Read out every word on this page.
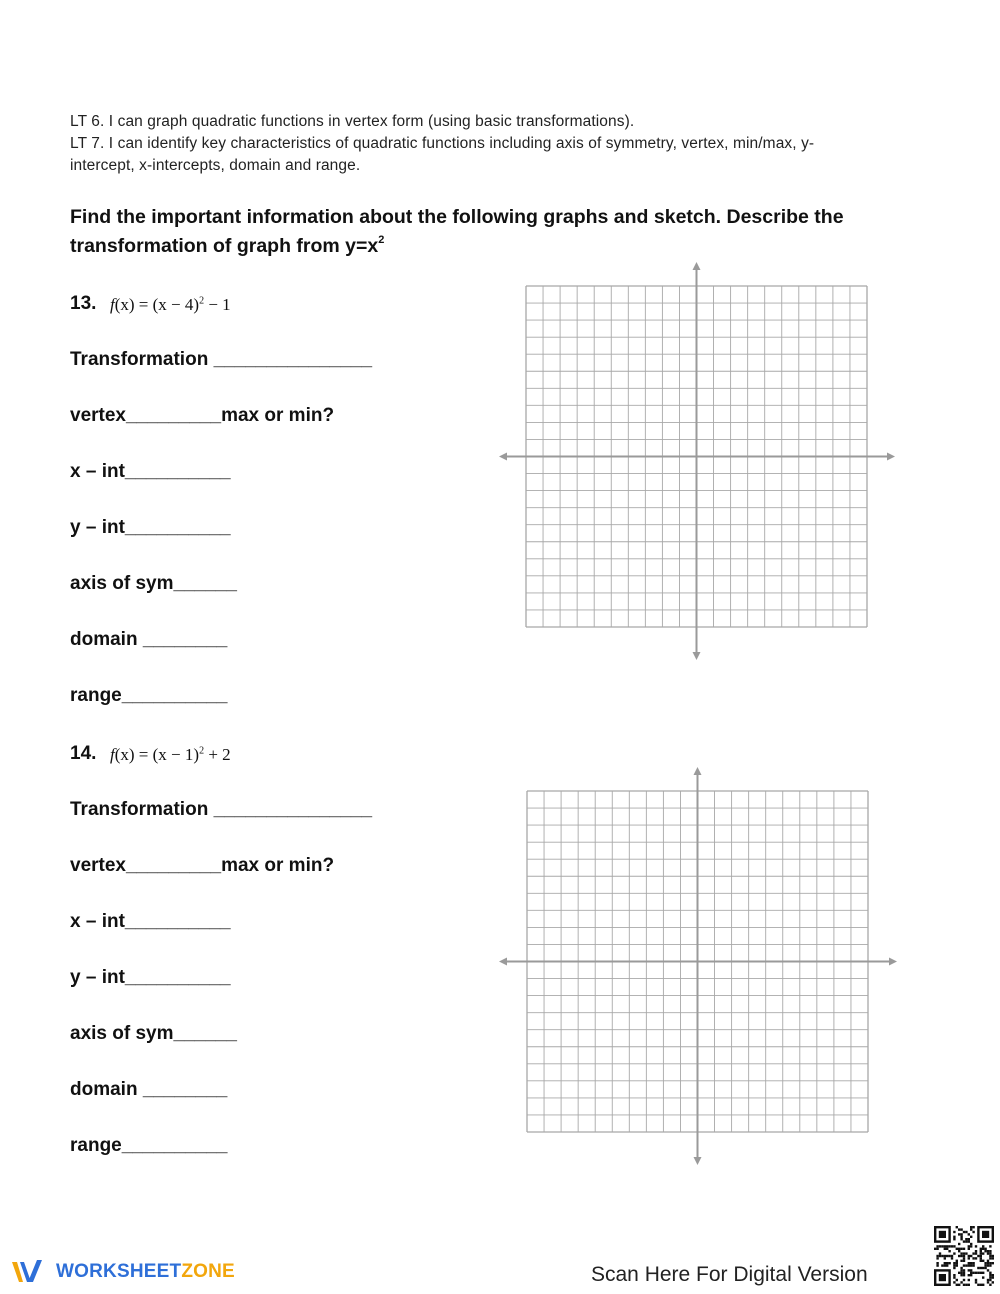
LT 6. I can graph quadratic functions in vertex form (using basic transformations).
LT 7. I can identify key characteristics of quadratic functions including axis of symmetry, vertex, min/max, y-
intercept, x-intercepts, domain and range.
Find the important information about the following graphs and sketch. Describe the
transformation of graph from $y=x^2$
13. $f(x) = (x - 4)^2 - 1$
Transformation _______________
vertex_________max or min?
x – int__________
y – int__________
axis of sym______
domain ________
range__________
14. $f(x) = (x - 1)^2 + 2$
Transformation _______________
vertex_________max or min?
x – int__________
y – int__________
axis of sym______
domain ________
range__________
WORKSHEETZONE	Scan Here For Digital Version
